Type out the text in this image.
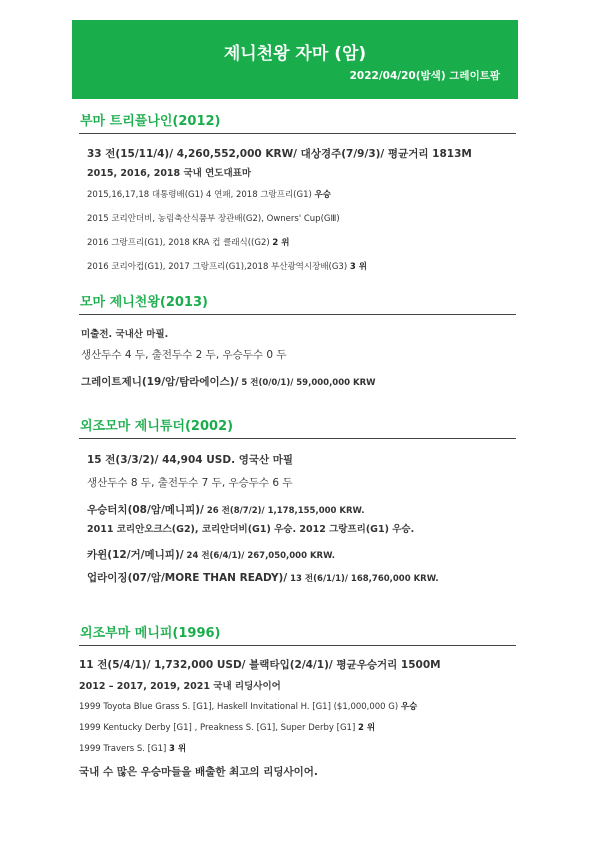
제니천왕 자마 (암)
2022/04/20(밤색) 그레이트팜
부마 트리플나인(2012)
33 전(15/11/4)/ 4,260,552,000 KRW/ 대상경주(7/9/3)/ 평균거리 1813M
2015, 2016, 2018 국내 연도대표마
2015,16,17,18 대통령배(G1) 4 연패, 2018 그랑프리(G1) 우승
2015 코리안더비, 농림축산식품부 장관배(G2), Owners' Cup(GⅢ)
2016 그랑프리(G1), 2018 KRA 컵 클래식((G2) 2 위
2016 코리아컵(G1), 2017 그랑프리(G1),2018 부산광역시장배(G3) 3 위
모마 제니천왕(2013)
미출전. 국내산 마필.
생산두수 4 두, 출전두수 2 두, 우승두수 0 두
그레이트제니(19/암/탐라에이스)/ 5 전(0/0/1)/ 59,000,000 KRW
외조모마 제니튜더(2002)
15 전(3/3/2)/ 44,904 USD. 영국산 마필
생산두수 8 두, 출전두수 7 두, 우승두수 6 두
우승터치(08/암/메니피)/ 26 전(8/7/2)/ 1,178,155,000 KRW.
2011 코리안오크스(G2), 코리안더비(G1) 우승. 2012 그랑프리(G1) 우승.
카윈(12/거/메니피)/ 24 전(6/4/1)/ 267,050,000 KRW.
업라이징(07/암/MORE THAN READY)/ 13 전(6/1/1)/ 168,760,000 KRW.
외조부마 메니피(1996)
11 전(5/4/1)/ 1,732,000 USD/ 블랙타입(2/4/1)/ 평균우승거리 1500M
2012 – 2017, 2019, 2021 국내 리딩사이어
1999 Toyota Blue Grass S. [G1], Haskell Invitational H. [G1] ($1,000,000 G) 우승
1999 Kentucky Derby [G1] , Preakness S. [G1], Super Derby [G1] 2 위
1999 Travers S. [G1] 3 위
국내 수 많은 우승마들을 배출한 최고의 리딩사이어.
